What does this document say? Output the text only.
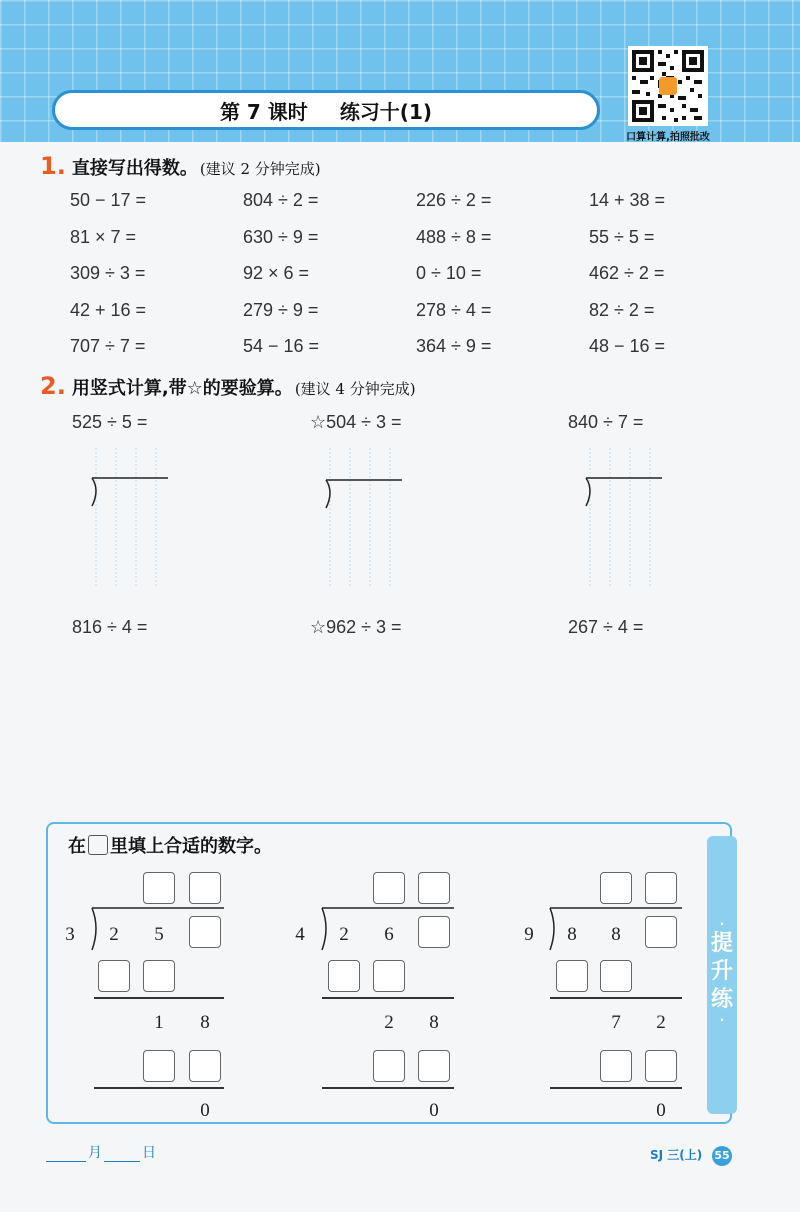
第 7 课时 练习十(1)
口算计算,拍照批改
1. 直接写出得数。 (建议 2 分钟完成)
50 − 17 =	804 ÷ 2 =	226 ÷ 2 =	14 + 38 =
81 × 7 =	630 ÷ 9 =	488 ÷ 8 =	55 ÷ 5 =
309 ÷ 3 =	92 × 6 =	0 ÷ 10 =	462 ÷ 2 =
42 + 16 =	279 ÷ 9 =	278 ÷ 4 =	82 ÷ 2 =
707 ÷ 7 =	54 − 16 =	364 ÷ 9 =	48 − 16 =
2. 用竖式计算,带☆的要验算。 (建议 4 分钟完成)
525 ÷ 5 =	☆504 ÷ 3 =	840 ÷ 7 =
816 ÷ 4 =	☆962 ÷ 3 =	267 ÷ 4 =
·
提
升
练
·
在 里填上合适的数字。
3 2 5
1 8
0
4 2 6
2 8
0
9 8 8
7 2
0
月	日	SJ 三(上) 55
